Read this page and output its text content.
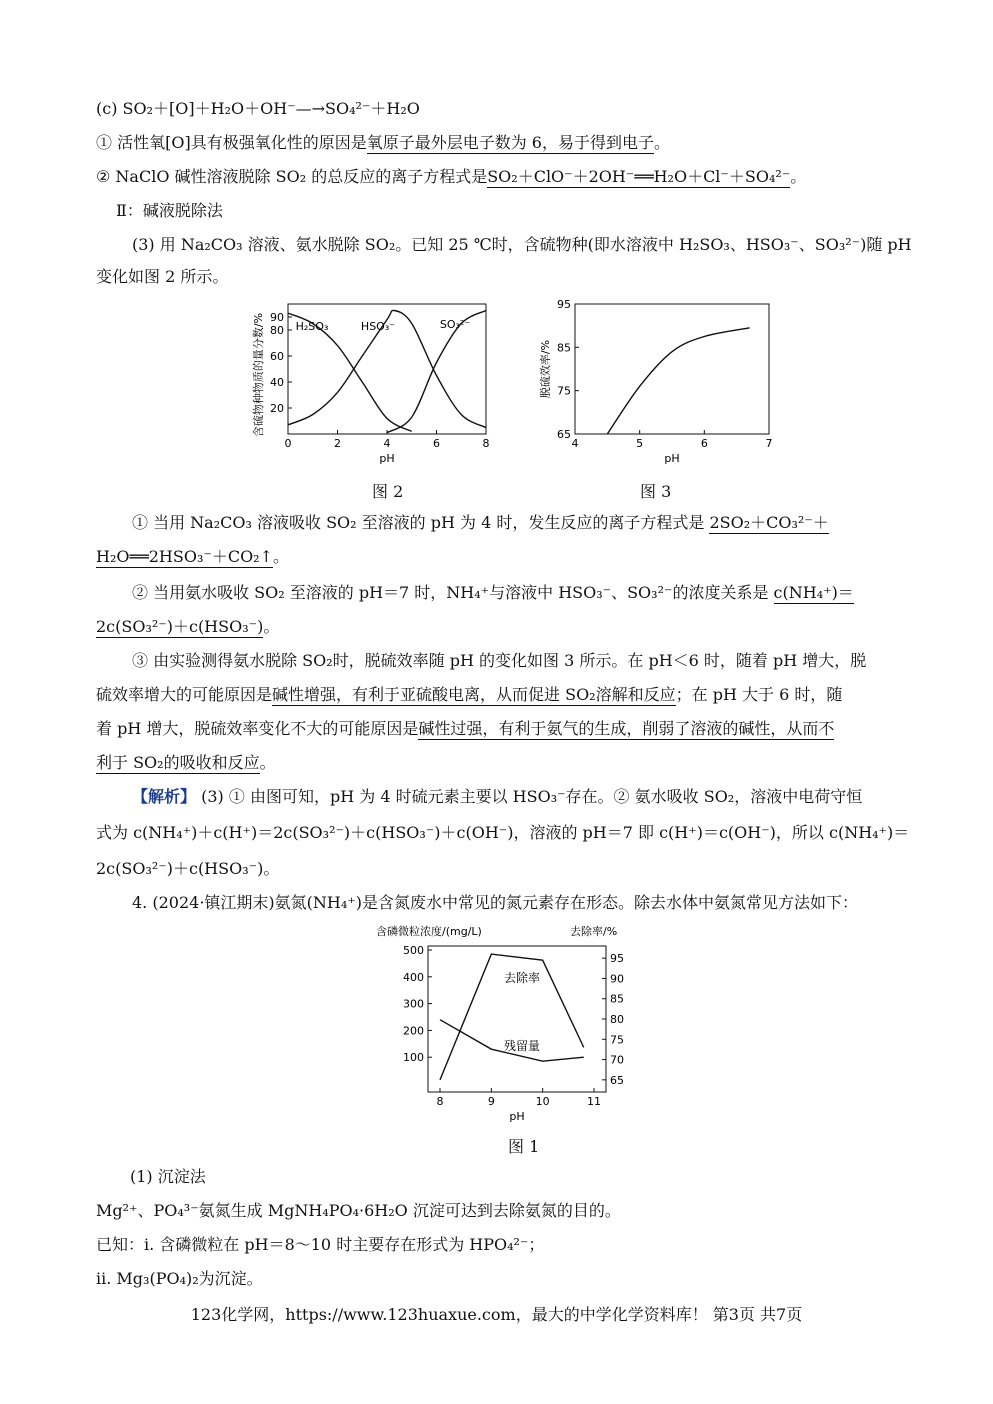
(c) SO₂＋[O]＋H₂O＋OH⁻—→SO₄²⁻＋H₂O
① 活性氧[O]具有极强氧化性的原因是氧原子最外层电子数为 6，易于得到电子。
② NaClO 碱性溶液脱除 SO₂ 的总反应的离子方程式是SO₂＋ClO⁻＋2OH⁻══H₂O＋Cl⁻＋SO₄²⁻。
Ⅱ：碱液脱除法
(3) 用 Na₂CO₃ 溶液、氨水脱除 SO₂。已知 25 ℃时，含硫物种(即水溶液中 H₂SO₃、HSO₃⁻、SO₃²⁻)随 pH
变化如图 2 所示。
0	2	4	6	8
20
40
60
80
90
pH
含硫物种物质的量分数/%	H₂SO₃	HSO₃⁻	SO₃²⁻
图 2
4	5	6	7
65
75
85
95
pH
脱硫效率/%
图 3
① 当用 Na₂CO₃ 溶液吸收 SO₂ 至溶液的 pH 为 4 时，发生反应的离子方程式是 2SO₂＋CO₃²⁻＋
H₂O══2HSO₃⁻＋CO₂↑。
② 当用氨水吸收 SO₂ 至溶液的 pH＝7 时，NH₄⁺与溶液中 HSO₃⁻、SO₃²⁻的浓度关系是 c(NH₄⁺)＝
2c(SO₃²⁻)＋c(HSO₃⁻)。
③ 由实验测得氨水脱除 SO₂时，脱硫效率随 pH 的变化如图 3 所示。在 pH＜6 时，随着 pH 增大，脱
硫效率增大的可能原因是碱性增强，有利于亚硫酸电离，从而促进 SO₂溶解和反应；在 pH 大于 6 时，随
着 pH 增大，脱硫效率变化不大的可能原因是碱性过强，有利于氨气的生成，削弱了溶液的碱性，从而不
利于 SO₂的吸收和反应。
【解析】 (3) ① 由图可知，pH 为 4 时硫元素主要以 HSO₃⁻存在。② 氨水吸收 SO₂，溶液中电荷守恒
式为 c(NH₄⁺)＋c(H⁺)＝2c(SO₃²⁻)＋c(HSO₃⁻)＋c(OH⁻)，溶液的 pH＝7 即 c(H⁺)＝c(OH⁻)，所以 c(NH₄⁺)＝
2c(SO₃²⁻)＋c(HSO₃⁻)。
4. (2024·镇江期末)氨氮(NH₄⁺)是含氮废水中常见的氮元素存在形态。除去水体中氨氮常见方法如下：
含磷微粒浓度/(mg/L)	去除率/%
8	9	10	11
100
200
300
400
500
65
70
75
80
85
90
95
pH
去除率
残留量
图 1
(1) 沉淀法
Mg²⁺、PO₄³⁻氨氮生成 MgNH₄PO₄·6H₂O 沉淀可达到去除氨氮的目的。
已知：ⅰ. 含磷微粒在 pH＝8～10 时主要存在形式为 HPO₄²⁻；
ⅱ. Mg₃(PO₄)₂为沉淀。
123化学网，https://www.123huaxue.com，最大的中学化学资料库！ 第3页 共7页
